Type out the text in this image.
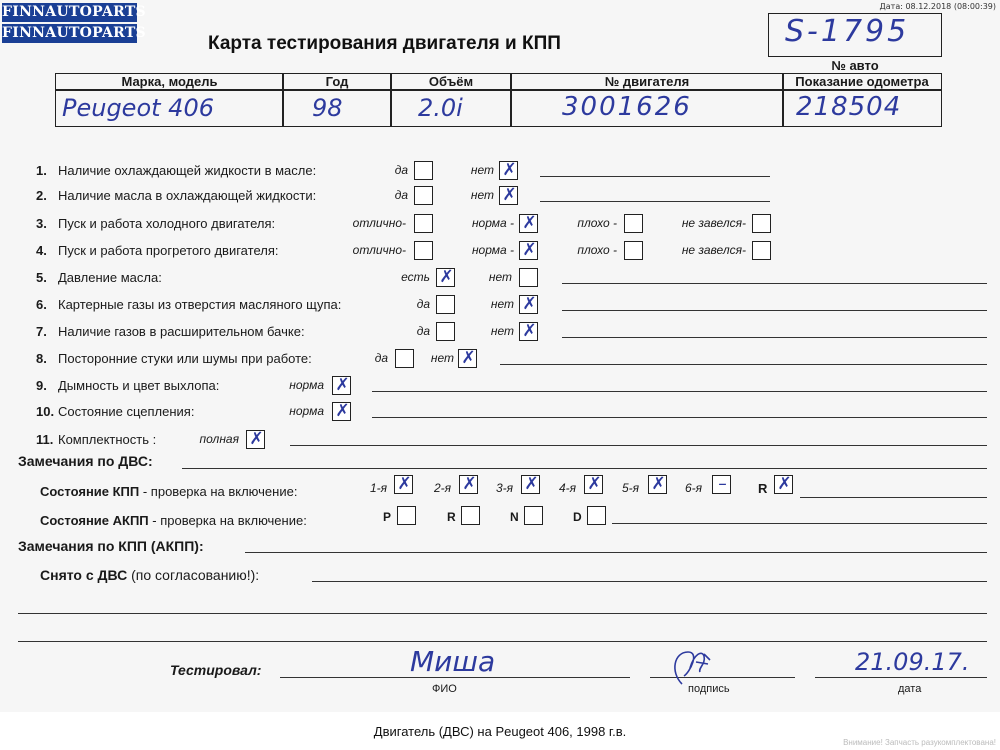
FINNAUTOPARTS
FINNAUTOPARTS
Дата: 08.12.2018 (08:00:39)
Карта тестирования двигателя и КПП	S-1795
№ авто
Марка, модель	Год	Объём	№ двигателя	Показание одометра
Peugeot 406	98	2.0i	3001626	218504
1. Наличие охлаждающей жидкости в масле:	да	нет ✗
2. Наличие масла в охлаждающей жидкости:	да	нет ✗
3. Пуск и работа холодного двигателя:	отлично-	норма - ✗	плохо -	не завелся-
4. Пуск и работа прогретого двигателя:	отлично-	норма - ✗	плохо -	не завелся-
5. Давление масла:	есть ✗	нет
6. Картерные газы из отверстия масляного щупа:	да	нет ✗
7. Наличие газов в расширительном бачке:	да	нет ✗
8. Посторонние стуки или шумы при работе:	да	нет ✗
9. Дымность и цвет выхлопа:	норма ✗
10. Состояние сцепления:	норма ✗
11. Комплектность :	полная ✗
Замечания по ДВС:
Состояние КПП - проверка на включение:	1-я ✗ 2-я ✗ 3-я ✗ 4-я ✗ 5-я ✗ 6-я –	R ✗
Состояние АКПП - проверка на включение:	P	R	N	D
Замечания по КПП (АКПП):
Снято с ДВС (по согласованию!):
Тестировал:	Миша
ФИО	подпись
21.09.17.
дата
Двигатель (ДВС) на Peugeot 406, 1998 г.в.
Внимание! Запчасть разукомплектована!
